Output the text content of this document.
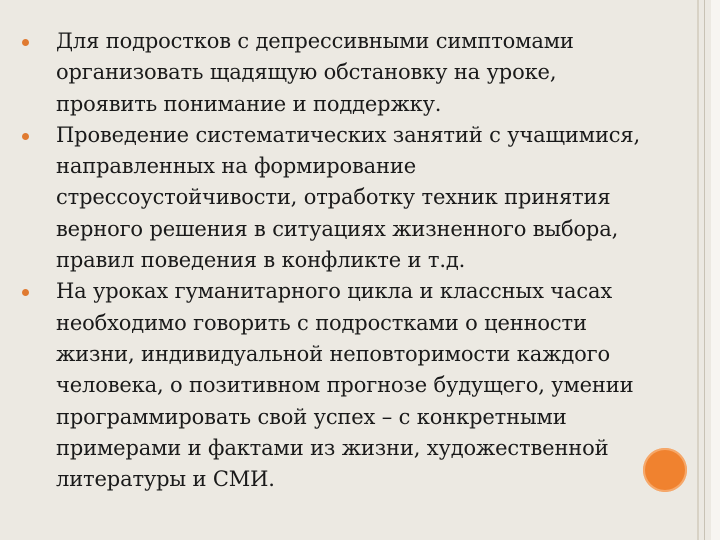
Для подростков с депрессивными симптомами
организовать щадящую обстановку на уроке,
проявить понимание и поддержку.
Проведение систематических занятий с учащимися,
направленных на формирование
стрессоустойчивости, отработку техник принятия
верного решения в ситуациях жизненного выбора,
правил поведения в конфликте и т.д.
На уроках гуманитарного цикла и классных часах
необходимо говорить с подростками о ценности
жизни, индивидуальной неповторимости каждого
человека, о позитивном прогнозе будущего, умении
программировать свой успех – с конкретными
примерами и фактами из жизни, художественной
литературы и СМИ.
